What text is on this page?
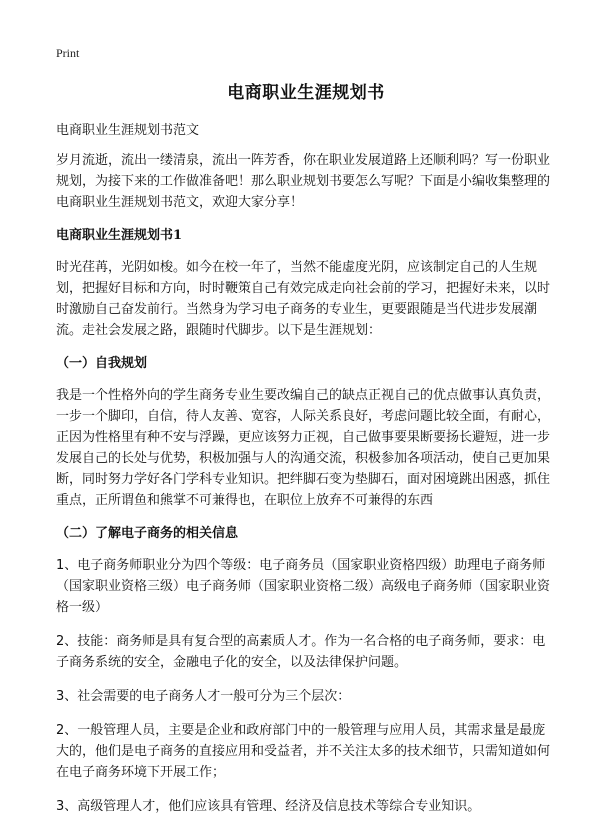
Print
电商职业生涯规划书

电商职业生涯规划书范文

岁月流逝，流出一缕清泉，流出一阵芳香，你在职业发展道路上还顺利吗？写一份职业规划，为接下来的工作做准备吧！那么职业规划书要怎么写呢？下面是小编收集整理的电商职业生涯规划书范文，欢迎大家分享！

电商职业生涯规划书1

时光荏苒，光阴如梭。如今在校一年了，当然不能虚度光阴，应该制定自己的人生规划，把握好目标和方向，时时鞭策自己有效完成走向社会前的学习，把握好未来，以时时激励自己奋发前行。当然身为学习电子商务的专业生，更要跟随是当代进步发展潮流。走社会发展之路，跟随时代脚步。以下是生涯规划：

（一）自我规划

我是一个性格外向的学生商务专业生要改编自己的缺点正视自己的优点做事认真负责，一步一个脚印，自信，待人友善、宽容，人际关系良好，考虑问题比较全面，有耐心，正因为性格里有种不安与浮躁，更应该努力正视，自己做事要果断要扬长避短，进一步发展自己的长处与优势，积极加强与人的沟通交流，积极参加各项活动，使自己更加果断，同时努力学好各门学科专业知识。把绊脚石变为垫脚石，面对困境跳出困惑，抓住重点，正所谓鱼和熊掌不可兼得也，在职位上放弃不可兼得的东西

（二）了解电子商务的相关信息

1、电子商务师职业分为四个等级：电子商务员（国家职业资格四级）助理电子商务师（国家职业资格三级）电子商务师（国家职业资格二级）高级电子商务师（国家职业资格一级）

2、技能：商务师是具有复合型的高素质人才。作为一名合格的电子商务师，要求：电子商务系统的安全，金融电子化的安全，以及法律保护问题。

3、社会需要的电子商务人才一般可分为三个层次：

2、一般管理人员，主要是企业和政府部门中的一般管理与应用人员，其需求量是最庞大的，他们是电子商务的直接应用和受益者，并不关注太多的技术细节，只需知道如何在电子商务环境下开展工作；

3、高级管理人才，他们应该具有管理、经济及信息技术等综合专业知识。
